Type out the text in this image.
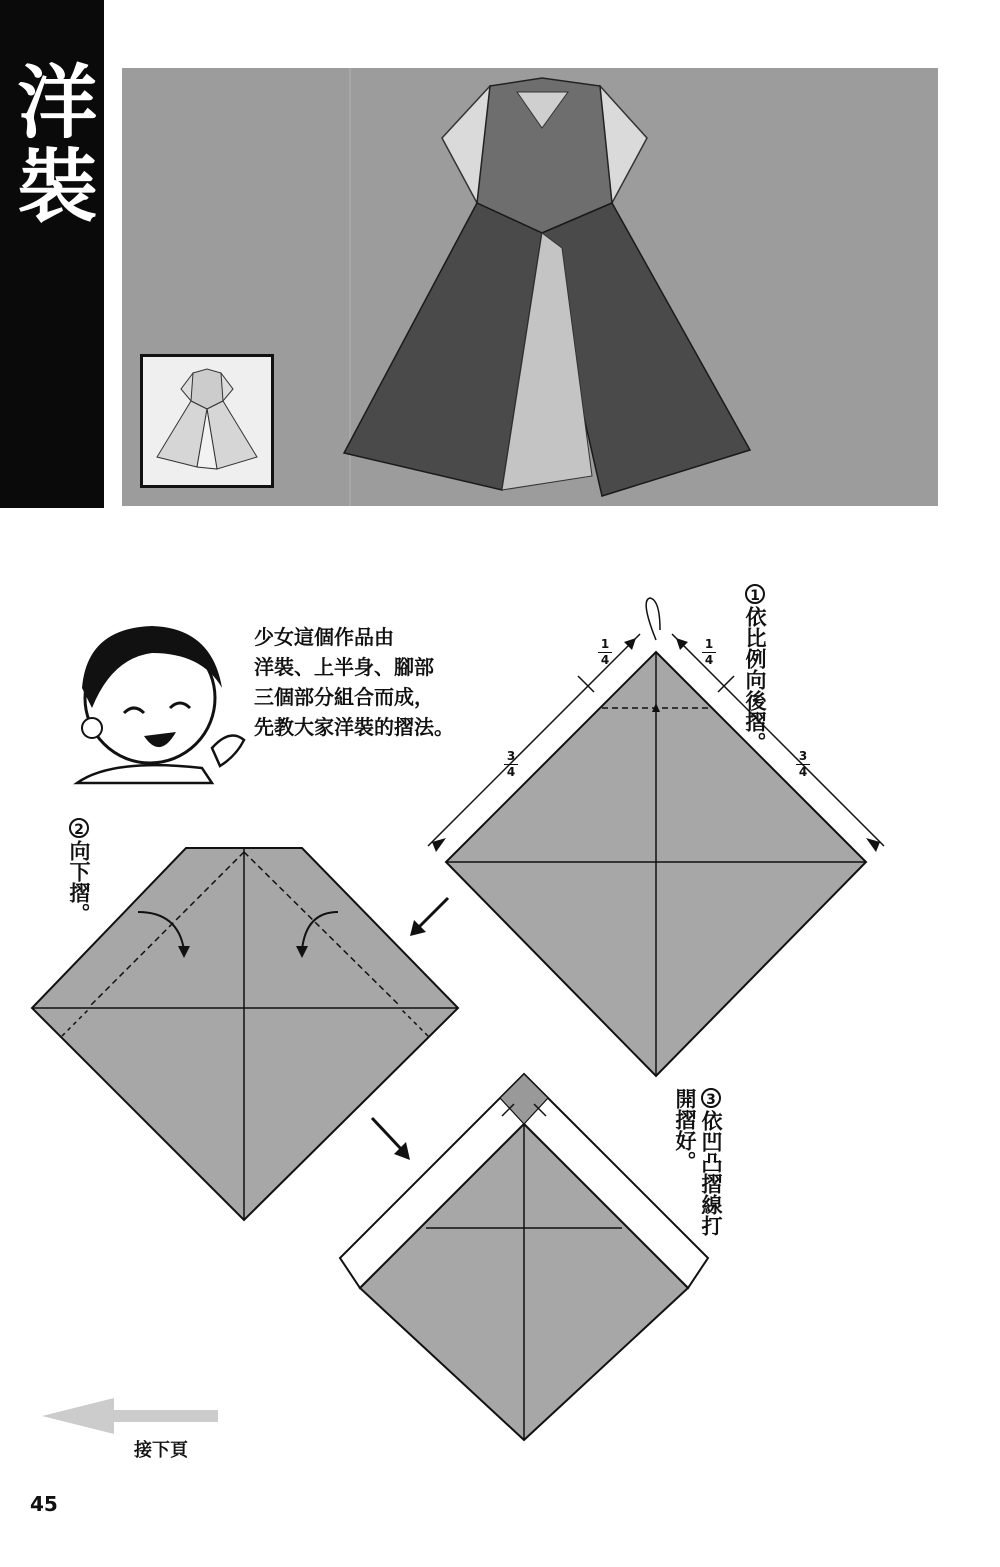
洋裝
少女這個作品由
洋裝、上半身、腳部
三個部分組合而成，
先教大家洋裝的摺法。
1依比例向後摺。
2向下摺。
3依凹凸摺線打開摺好。
1
4
1
4
3
4
3
4
接下頁
45
